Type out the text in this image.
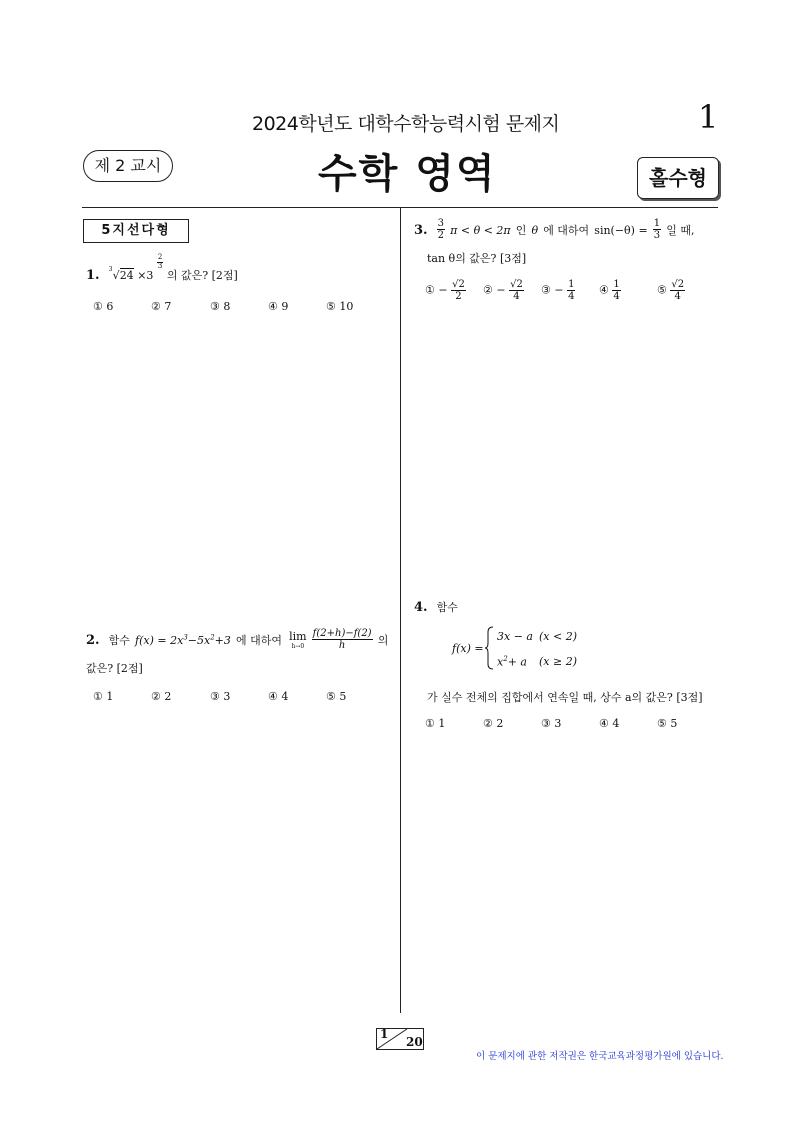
2024학년도 대학수학능력시험 문제지	1
제 2 교시	수학 영역	홀수형
5지선다형
1. 3 √24 ×3
$\frac{2}{3}$
의 값은? [2점]
① 6	② 7	③ 8	④ 9	⑤ 10
2. 함수 $f(x) = 2x^3-5x^2+3$ 에 대하여 lim
h→0
$\frac{f(2+h)-f(2)}{h}$ 의
값은? [2점]
① 1	② 2	③ 3	④ 4	⑤ 5
3. $\frac{3}{2}$ π < θ < 2π 인 θ 에 대하여 $\sin(-\theta) = \frac{1}{3}$ 일 때,
tan θ의 값은? [3점]
① − $\frac{√2}{2}$ ② − $\frac{√2}{4}$ ③ − $\frac{1}{4}$ ④ $\frac{1}{4}$	⑤ $\frac{√2}{4}$
4. 함수
f(x) =
3x − a (x < 2)
$x^2+ a$ (x ≥ 2)
가 실수 전체의 집합에서 연속일 때, 상수 a의 값은? [3점]
① 1	② 2	③ 3	④ 4	⑤ 5
1
20
이 문제지에 관한 저작권은 한국교육과정평가원에 있습니다.
